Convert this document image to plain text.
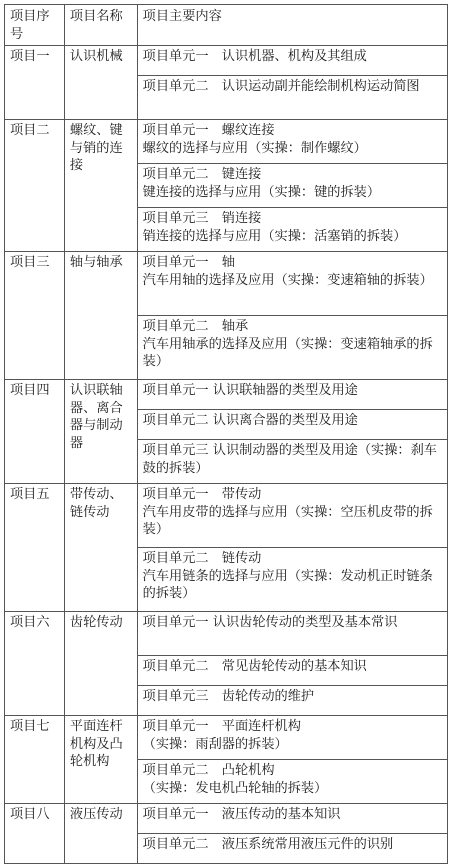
项目序号	项目名称	项目主要内容
项目一	认识机械	项目单元一　认识机器、机构及其组成

		项目单元二　认识运动副并能绘制机构运动简图

项目二	螺纹、键与销的连接	项目单元一　螺纹连接
螺纹的选择与应用（实操：制作螺纹）

		项目单元二　键连接
键连接的选择与应用（实操：键的拆装）

		项目单元三　销连接
销连接的选择与应用（实操：活塞销的拆装）

项目三	轴与轴承	项目单元一　轴
汽车用轴的选择及应用（实操：变速箱轴的拆装）

		项目单元二　轴承
汽车用轴承的选择及应用（实操：变速箱轴承的拆装）

项目四	认识联轴器、离合器与制动器	项目单元一 认识联轴器的类型及用途

		项目单元二 认识离合器的类型及用途

		项目单元三 认识制动器的类型及用途（实操：刹车鼓的拆装）

项目五	带传动、链传动	项目单元一　带传动
汽车用皮带的选择与应用（实操：空压机皮带的拆装）

		项目单元二　链传动
汽车用链条的选择与应用（实操：发动机正时链条的拆装）

项目六	齿轮传动	项目单元一 认识齿轮传动的类型及基本常识

		项目单元二　常见齿轮传动的基本知识

		项目单元三　齿轮传动的维护

项目七	平面连杆机构及凸轮机构	项目单元一　平面连杆机构
（实操：雨刮器的拆装）

		项目单元二　凸轮机构
（实操：发电机凸轮轴的拆装）

项目八	液压传动	项目单元一　液压传动的基本知识

		项目单元二　液压系统常用液压元件的识别
